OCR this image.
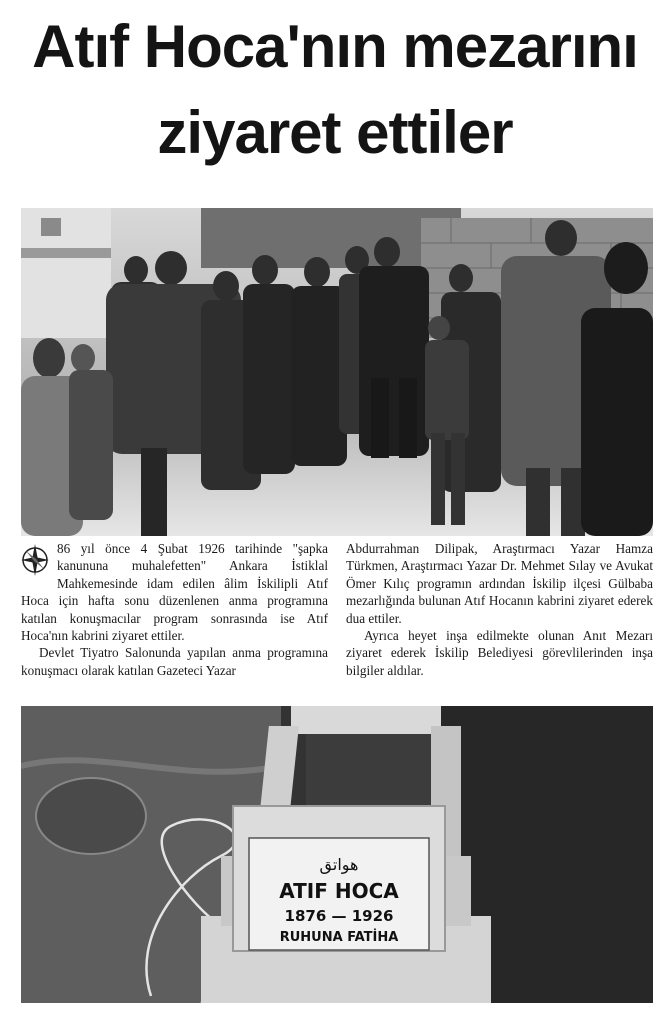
Atıf Hoca'nın mezarını
ziyaret ettiler

86 yıl önce 4 Şubat 1926 tarihinde "şapka kanununa muhalefetten" Ankara İstiklal Mahkemesinde idam edilen âlim İskilipli Atıf Hoca için hafta sonu düzenlenen anma programına katılan konuşmacılar program sonrasında ise Atıf Hoca'nın kabrini ziyaret ettiler.

Devlet Tiyatro Salonunda yapılan anma programına konuşmacı olarak katılan Gazeteci Yazar

Abdurrahman Dilipak, Araştırmacı Yazar Hamza Türkmen, Araştırmacı Yazar Dr. Mehmet Sılay ve Avukat Ömer Kılıç programın ardından İskilip ilçesi Gülbaba mezarlığında bulunan Atıf Hocanın kabrini ziyaret ederek dua ettiler.

Ayrıca heyet inşa edilmekte olunan Anıt Mezarı ziyaret ederek İskilip Belediyesi görevlilerinden inşa bilgiler aldılar.

هواتق
ATIF HOCA
1876 — 1926
RUHUNA FATİHA
